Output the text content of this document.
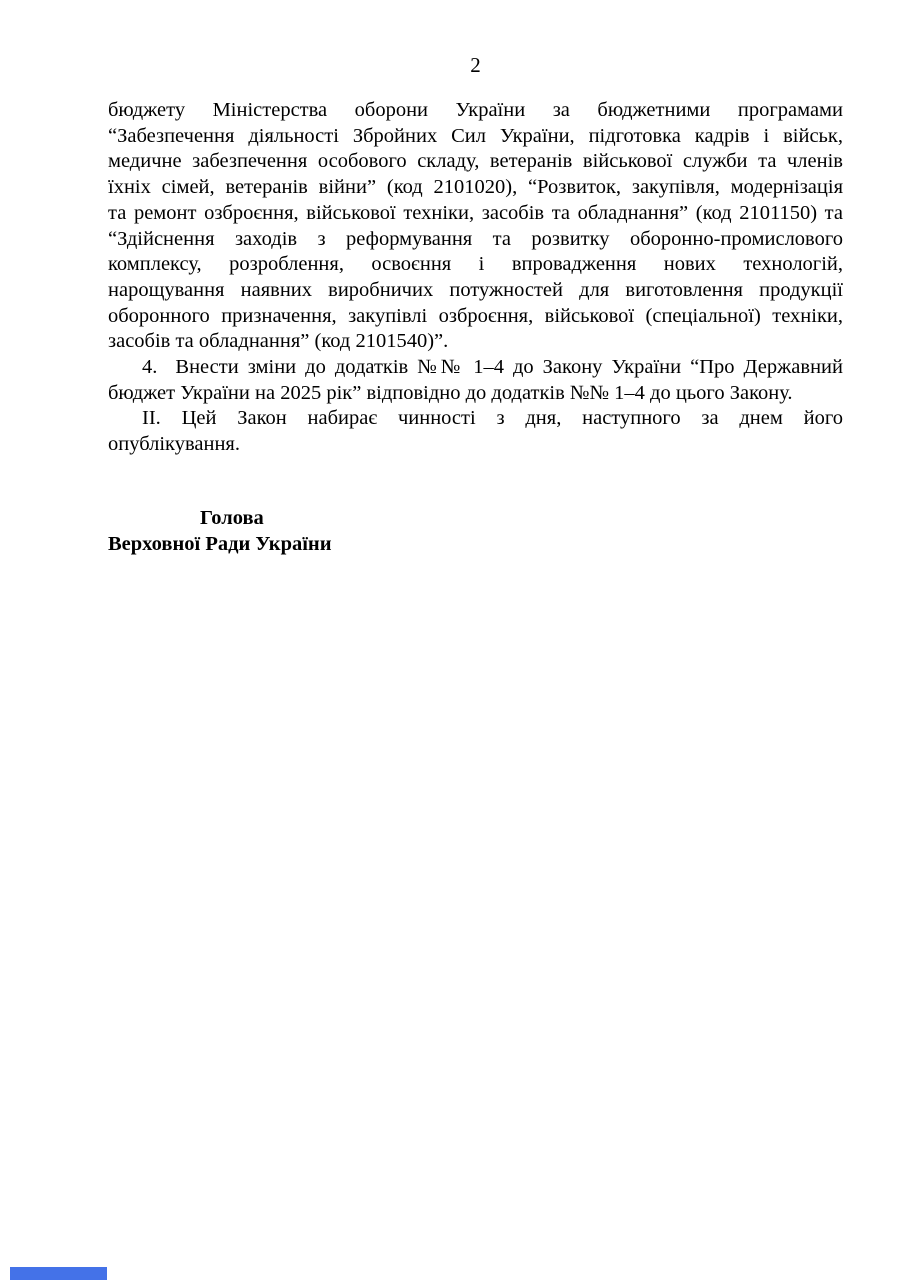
2
бюджету Міністерства оборони України за бюджетними програмами
“Забезпечення діяльності Збройних Сил України, підготовка кадрів і військ,
медичне забезпечення особового складу, ветеранів військової служби та членів
їхніх сімей, ветеранів війни” (код 2101020), “Розвиток, закупівля, модернізація
та ремонт озброєння, військової техніки, засобів та обладнання” (код 2101150) та
“Здійснення заходів з реформування та розвитку оборонно-промислового
комплексу, розроблення, освоєння і впровадження нових технологій,
нарощування наявних виробничих потужностей для виготовлення продукції
оборонного призначення, закупівлі озброєння, військової (спеціальної) техніки,
засобів та обладнання” (код 2101540)”.
4.  Внести зміни до додатків №№ 1–4 до Закону України “Про Державний
бюджет України на 2025 рік” відповідно до додатків №№ 1–4 до цього Закону.
ІІ. Цей Закон набирає чинності з дня, наступного за днем його
опублікування.
Голова
Верховної Ради України
